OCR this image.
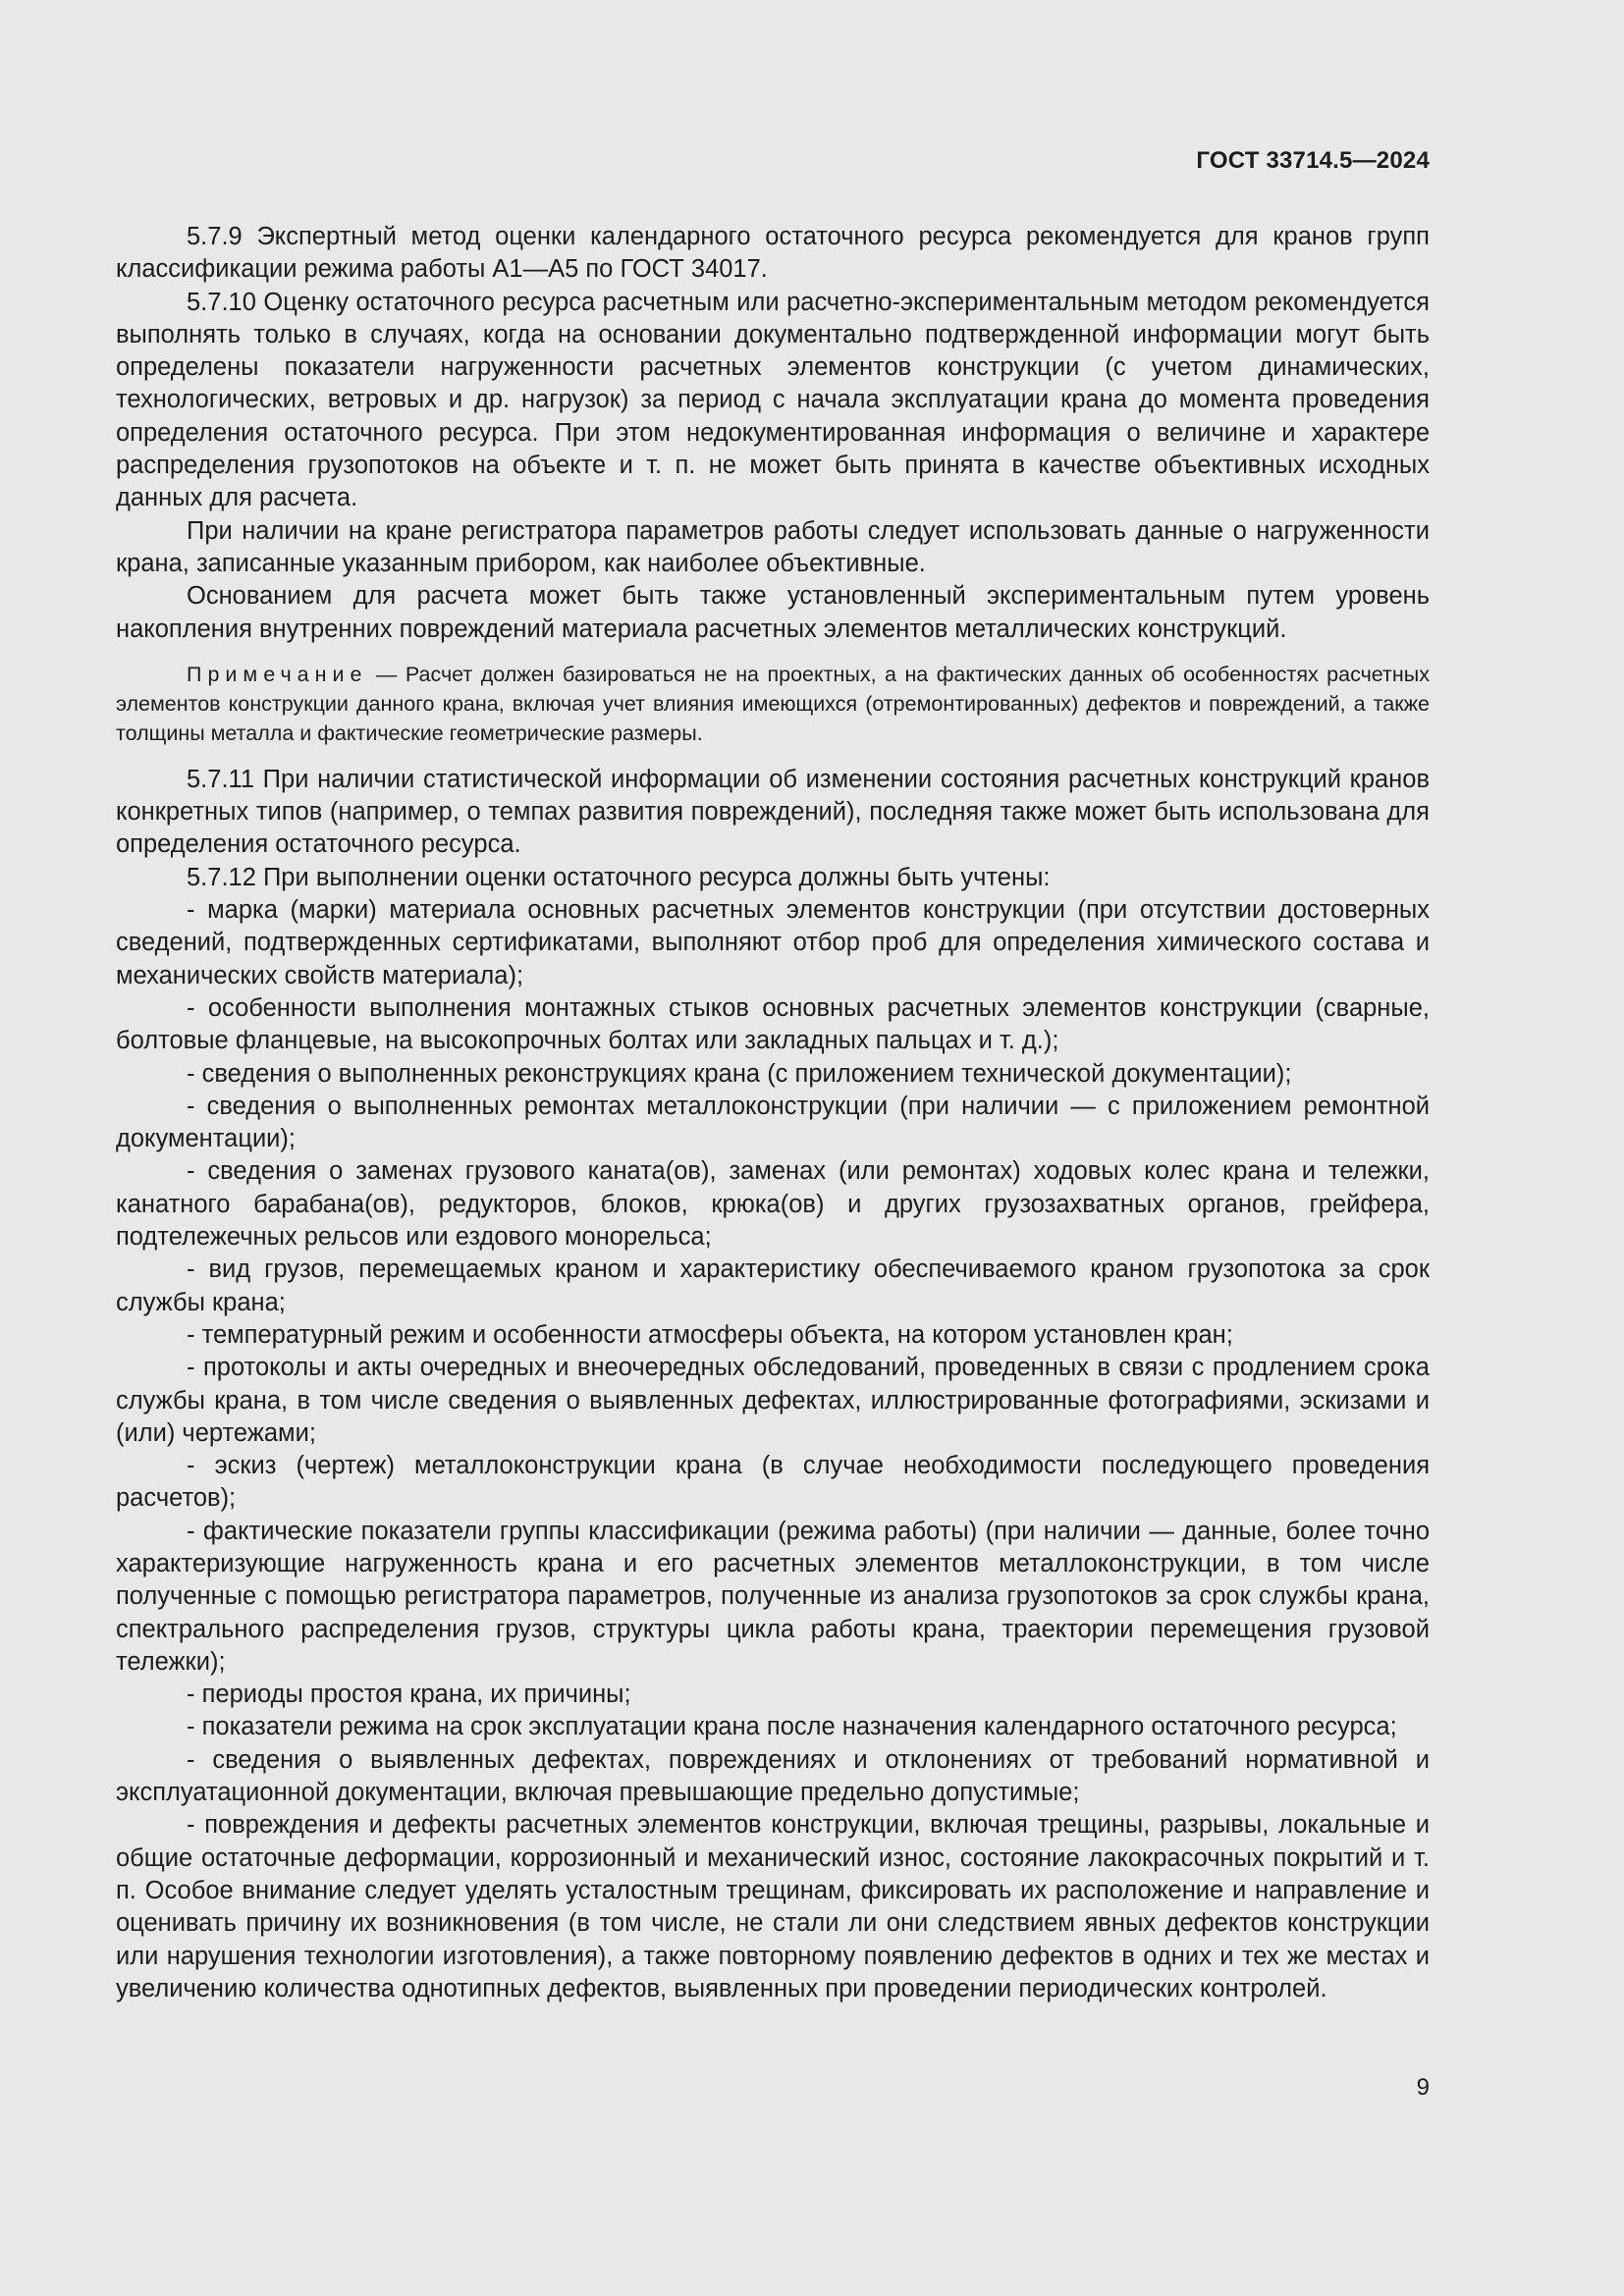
ГОСТ 33714.5—2024

5.7.9 Экспертный метод оценки календарного остаточного ресурса рекомендуется для кранов групп классификации режима работы А1—А5 по ГОСТ 34017.

5.7.10 Оценку остаточного ресурса расчетным или расчетно-экспериментальным методом рекомендуется выполнять только в случаях, когда на основании документально подтвержденной информации могут быть определены показатели нагруженности расчетных элементов конструкции (с учетом динамических, технологических, ветровых и др. нагрузок) за период с начала эксплуатации крана до момента проведения определения остаточного ресурса. При этом недокументированная информация о величине и характере распределения грузопотоков на объекте и т. п. не может быть принята в качестве объективных исходных данных для расчета.

При наличии на кране регистратора параметров работы следует использовать данные о нагруженности крана, записанные указанным прибором, как наиболее объективные.

Основанием для расчета может быть также установленный экспериментальным путем уровень накопления внутренних повреждений материала расчетных элементов металлических конструкций.

Примечание — Расчет должен базироваться не на проектных, а на фактических данных об особенностях расчетных элементов конструкции данного крана, включая учет влияния имеющихся (отремонтированных) дефектов и повреждений, а также толщины металла и фактические геометрические размеры.

5.7.11 При наличии статистической информации об изменении состояния расчетных конструкций кранов конкретных типов (например, о темпах развития повреждений), последняя также может быть использована для определения остаточного ресурса.

5.7.12 При выполнении оценки остаточного ресурса должны быть учтены:

- марка (марки) материала основных расчетных элементов конструкции (при отсутствии достоверных сведений, подтвержденных сертификатами, выполняют отбор проб для определения химического состава и механических свойств материала);

- особенности выполнения монтажных стыков основных расчетных элементов конструкции (сварные, болтовые фланцевые, на высокопрочных болтах или закладных пальцах и т. д.);

- сведения о выполненных реконструкциях крана (с приложением технической документации);

- сведения о выполненных ремонтах металлоконструкции (при наличии — с приложением ремонтной документации);

- сведения о заменах грузового каната(ов), заменах (или ремонтах) ходовых колес крана и тележки, канатного барабана(ов), редукторов, блоков, крюка(ов) и других грузозахватных органов, грейфера, подтележечных рельсов или ездового монорельса;

- вид грузов, перемещаемых краном и характеристику обеспечиваемого краном грузопотока за срок службы крана;

- температурный режим и особенности атмосферы объекта, на котором установлен кран;

- протоколы и акты очередных и внеочередных обследований, проведенных в связи с продлением срока службы крана, в том числе сведения о выявленных дефектах, иллюстрированные фотографиями, эскизами и (или) чертежами;

- эскиз (чертеж) металлоконструкции крана (в случае необходимости последующего проведения расчетов);

- фактические показатели группы классификации (режима работы) (при наличии — данные, более точно характеризующие нагруженность крана и его расчетных элементов металлоконструкции, в том числе полученные с помощью регистратора параметров, полученные из анализа грузопотоков за срок службы крана, спектрального распределения грузов, структуры цикла работы крана, траектории перемещения грузовой тележки);

- периоды простоя крана, их причины;

- показатели режима на срок эксплуатации крана после назначения календарного остаточного ресурса;

- сведения о выявленных дефектах, повреждениях и отклонениях от требований нормативной и эксплуатационной документации, включая превышающие предельно допустимые;

- повреждения и дефекты расчетных элементов конструкции, включая трещины, разрывы, локальные и общие остаточные деформации, коррозионный и механический износ, состояние лакокрасочных покрытий и т. п. Особое внимание следует уделять усталостным трещинам, фиксировать их расположение и направление и оценивать причину их возникновения (в том числе, не стали ли они следствием явных дефектов конструкции или нарушения технологии изготовления), а также повторному появлению дефектов в одних и тех же местах и увеличению количества однотипных дефектов, выявленных при проведении периодических контролей.

9
